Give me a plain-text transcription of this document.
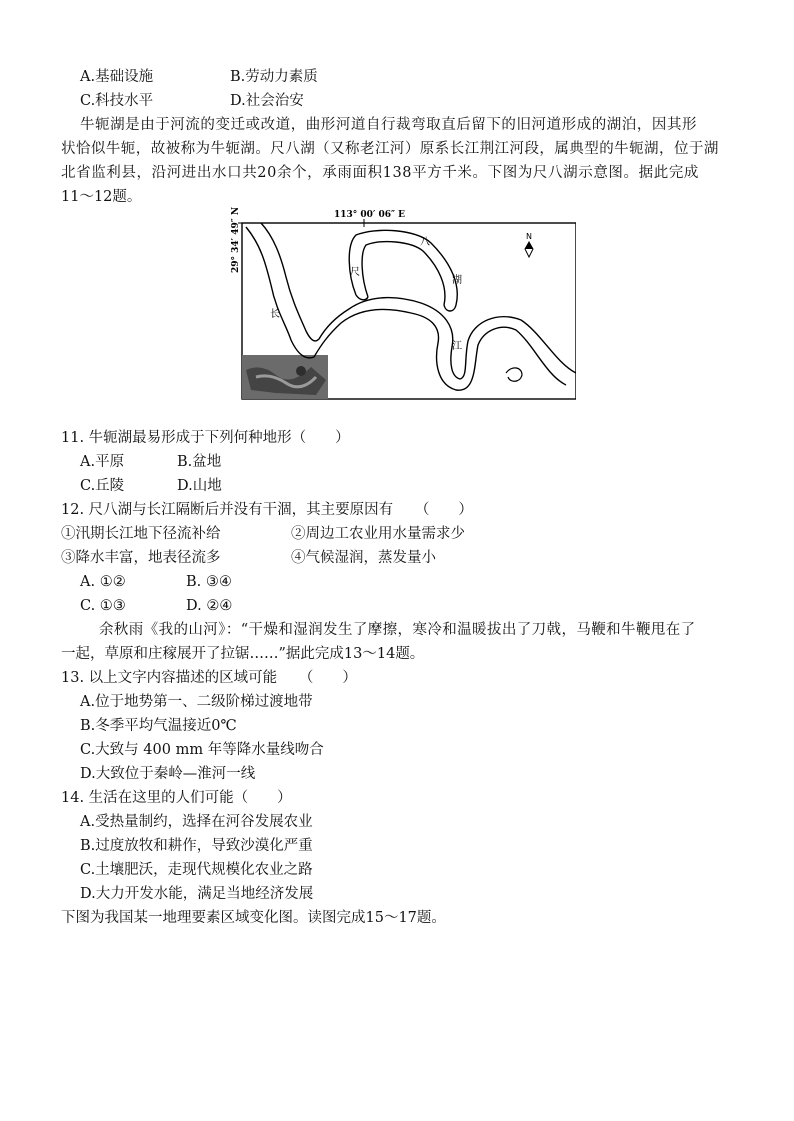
A.基础设施	B.劳动力素质
C.科技水平	D.社会治安
牛轭湖是由于河流的变迁或改道，曲形河道自行裁弯取直后留下的旧河道形成的湖泊，因其形
状恰似牛轭，故被称为牛轭湖。尺八湖（又称老江河）原系长江荆江河段，属典型的牛轭湖，位于湖
北省监利县，沿河进出水口共20余个，承雨面积138平方千米。下图为尺八湖示意图。据此完成
11～12题。
113° 00′ 06″ E
29° 34′ 49″ N	N
尺
八
湖
长
江
11. 牛轭湖最易形成于下列何种地形（　　）
A.平原	B.盆地
C.丘陵	D.山地
12. 尺八湖与长江隔断后并没有干涸，其主要原因有　　（　　）
①汛期长江地下径流补给	②周边工农业用水量需求少
③降水丰富，地表径流多	④气候湿润，蒸发量小
A. ①②	B. ③④
C. ①③	D. ②④
余秋雨《我的山河》：“干燥和湿润发生了摩擦，寒冷和温暖拔出了刀戟，马鞭和牛鞭甩在了
一起，草原和庄稼展开了拉锯……”据此完成13～14题。
13. 以上文字内容描述的区域可能　　（　　）
A.位于地势第一、二级阶梯过渡地带
B.冬季平均气温接近0℃
C.大致与 400 mm 年等降水量线吻合
D.大致位于秦岭—淮河一线
14. 生活在这里的人们可能（　　）
A.受热量制约，选择在河谷发展农业
B.过度放牧和耕作，导致沙漠化严重
C.土壤肥沃，走现代规模化农业之路
D.大力开发水能，满足当地经济发展
下图为我国某一地理要素区域变化图。读图完成15～17题。
